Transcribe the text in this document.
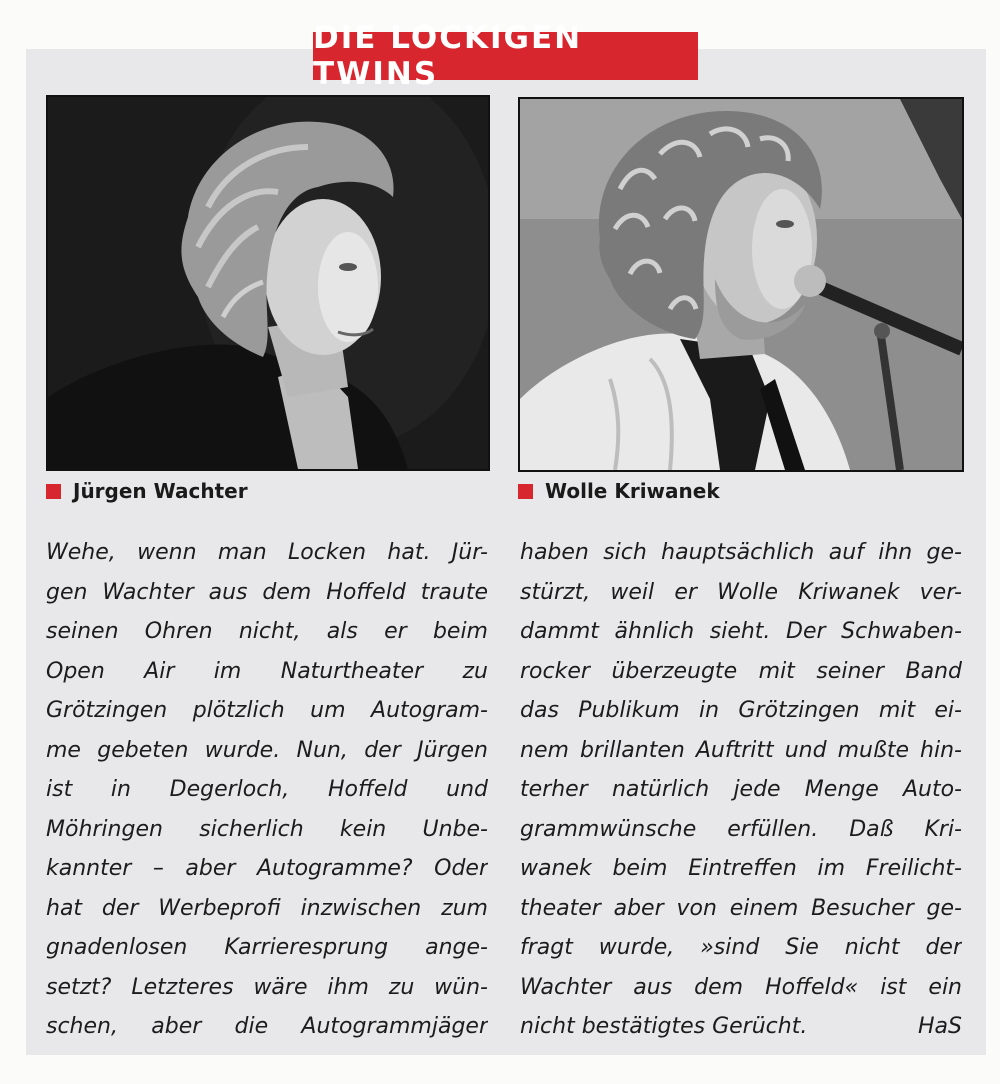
DIE LOCKIGEN TWINS
Jürgen Wachter	Wolle Kriwanek
Wehe, wenn man Locken hat. Jür-
gen Wachter aus dem Hoffeld traute
seinen Ohren nicht, als er beim
Open Air im Naturtheater zu
Grötzingen plötzlich um Autogram-
me gebeten wurde. Nun, der Jürgen
ist in Degerloch, Hoffeld und
Möhringen sicherlich kein Unbe-
kannter – aber Autogramme? Oder
hat der Werbeprofi inzwischen zum
gnadenlosen Karrieresprung ange-
setzt? Letzteres wäre ihm zu wün-
schen, aber die Autogrammjäger
haben sich hauptsächlich auf ihn ge-
stürzt, weil er Wolle Kriwanek ver-
dammt ähnlich sieht. Der Schwaben-
rocker überzeugte mit seiner Band
das Publikum in Grötzingen mit ei-
nem brillanten Auftritt und mußte hin-
terher natürlich jede Menge Auto-
grammwünsche erfüllen. Daß Kri-
wanek beim Eintreffen im Freilicht-
theater aber von einem Besucher ge-
fragt wurde, »sind Sie nicht der
Wachter aus dem Hoffeld« ist ein
nicht bestätigtes Gerücht.	HaS
